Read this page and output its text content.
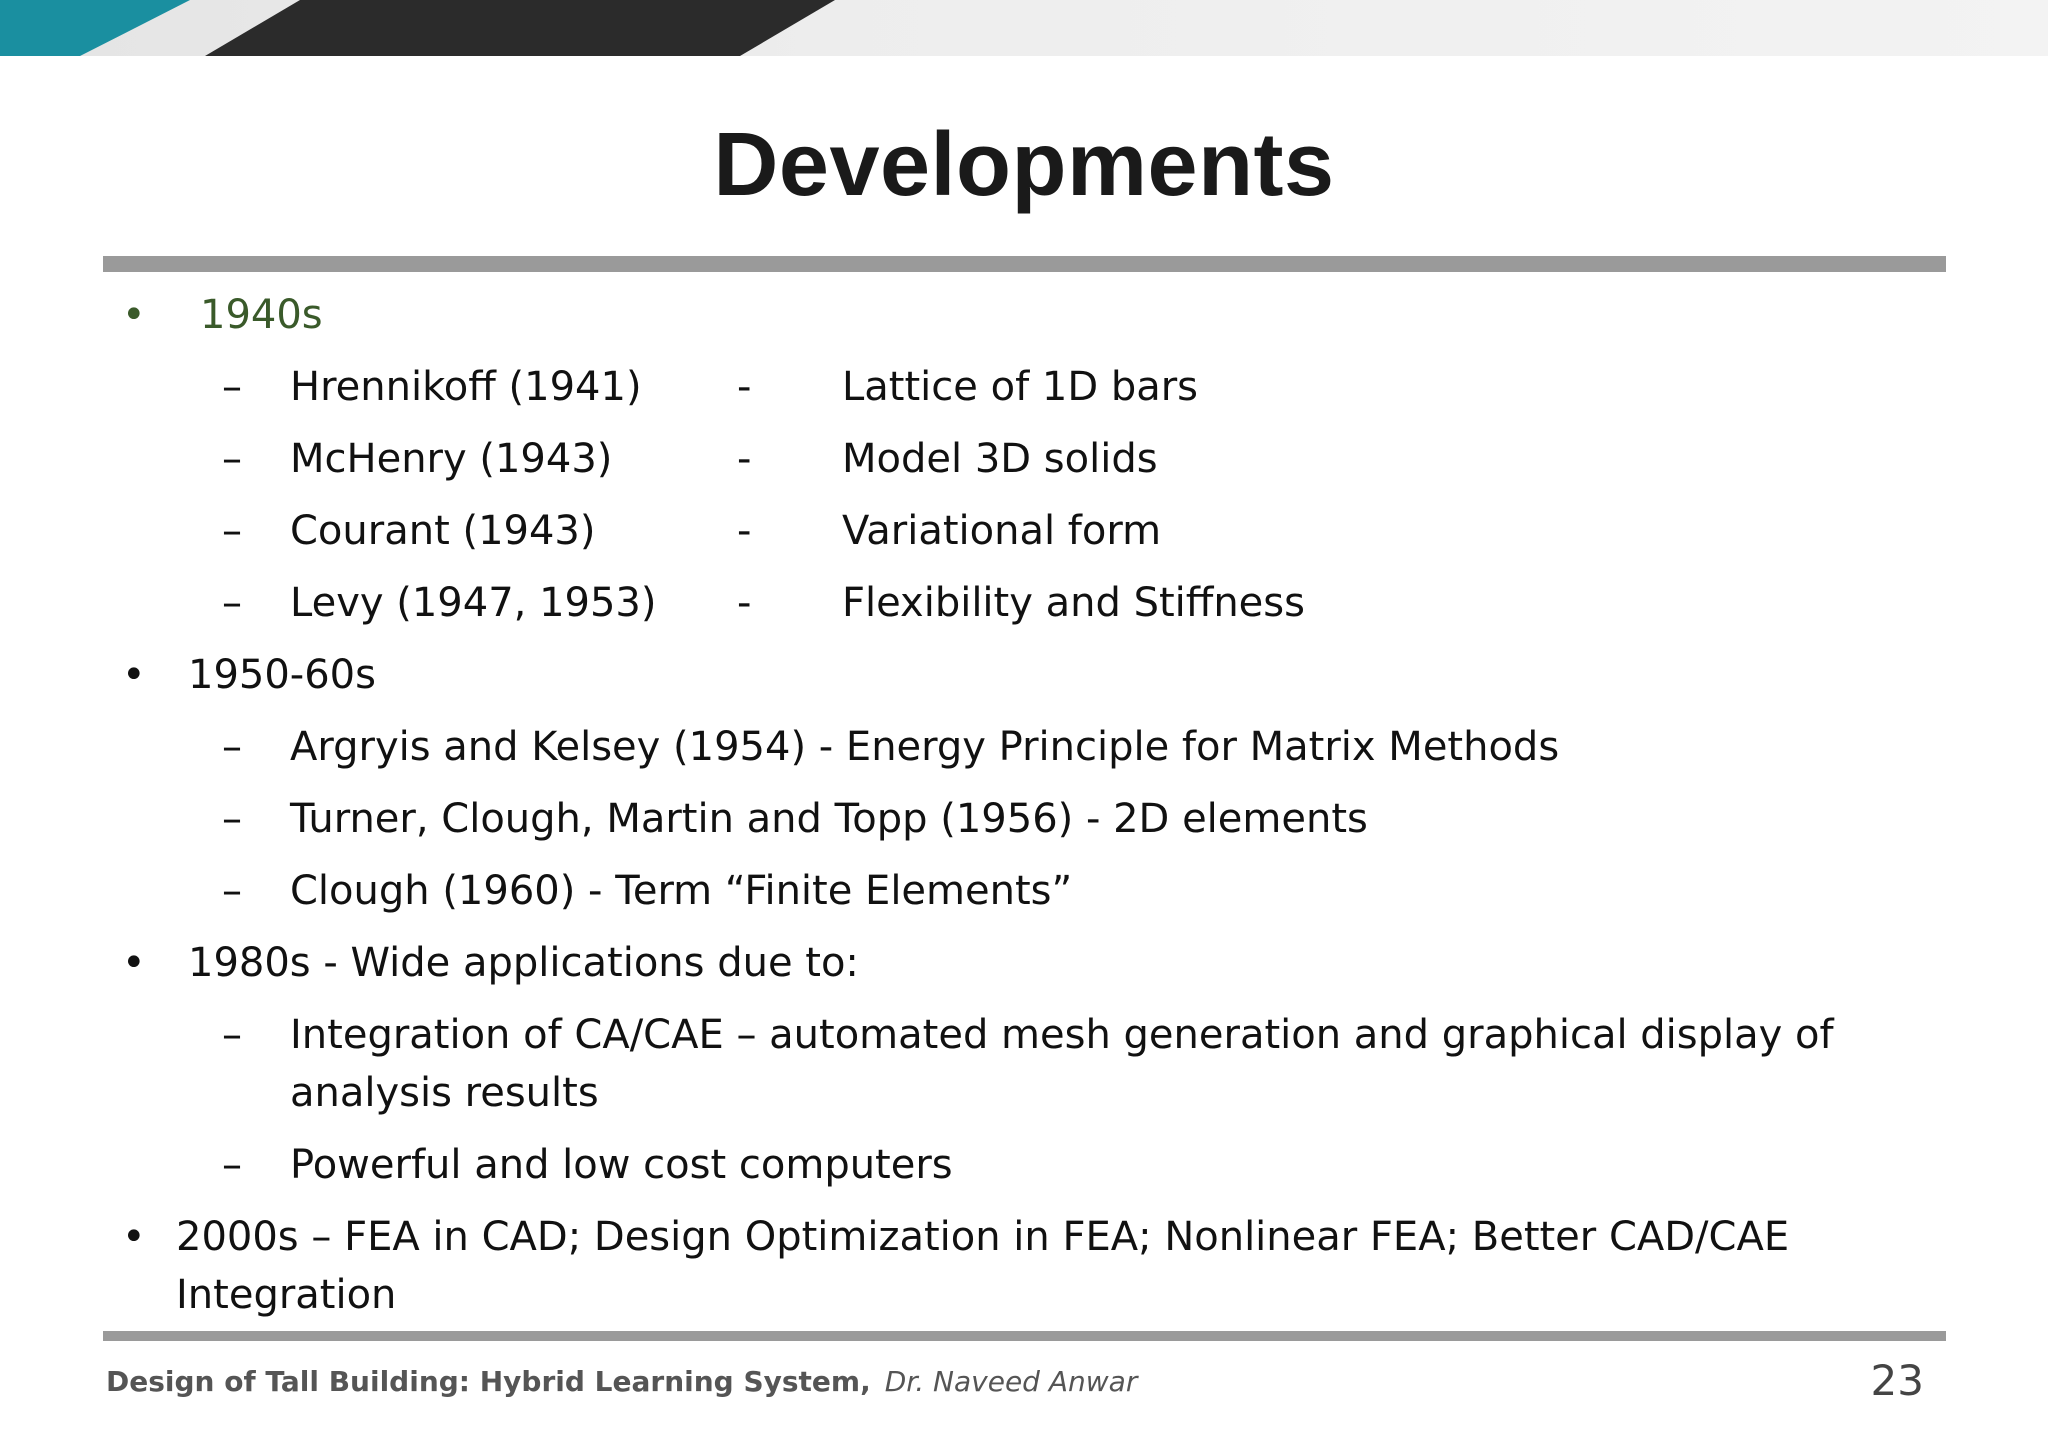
Developments
• 1940s
– Hrennikoff (1941) - Lattice of 1D bars
– McHenry (1943)	- Model 3D solids
– Courant (1943)	- Variational form
– Levy (1947, 1953) - Flexibility and Stiffness
• 1950-60s
– Argryis and Kelsey (1954) - Energy Principle for Matrix Methods
– Turner, Clough, Martin and Topp (1956) - 2D elements
– Clough (1960) - Term “Finite Elements”
• 1980s - Wide applications due to:
– Integration of CA/CAE – automated mesh generation and graphical display of
analysis results
– Powerful and low cost computers
• 2000s – FEA in CAD; Design Optimization in FEA; Nonlinear FEA; Better CAD/CAE
Integration
Design of Tall Building: Hybrid Learning System, Dr. Naveed Anwar	23
